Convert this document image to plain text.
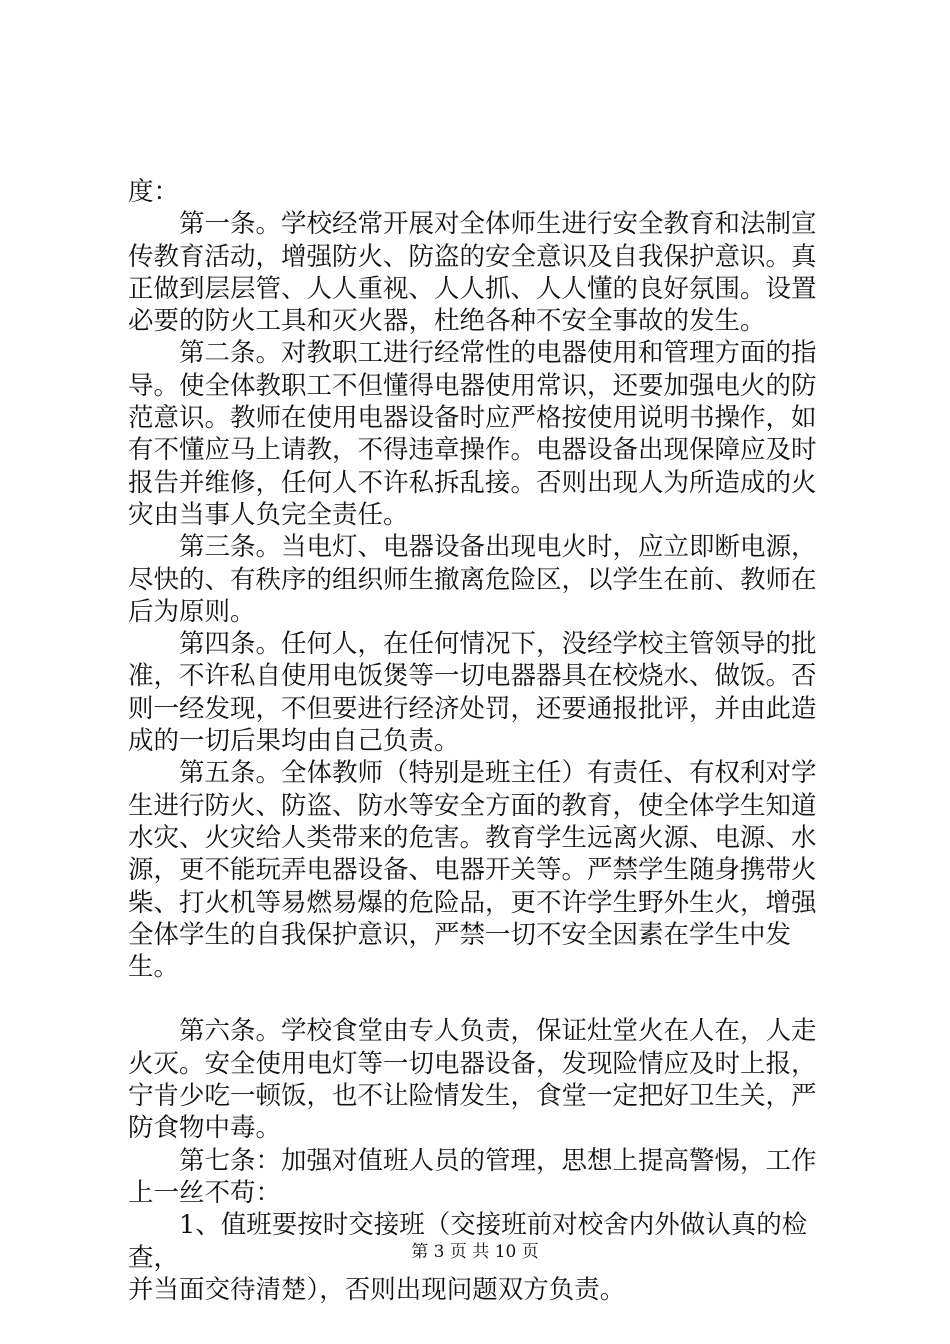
度：

　　第一条。学校经常开展对全体师生进行安全教育和法制宣
传教育活动，增强防火、防盗的安全意识及自我保护意识。真
正做到层层管、人人重视、人人抓、人人懂的良好氛围。设置
必要的防火工具和灭火器，杜绝各种不安全事故的发生。

　　第二条。对教职工进行经常性的电器使用和管理方面的指
导。使全体教职工不但懂得电器使用常识，还要加强电火的防
范意识。教师在使用电器设备时应严格按使用说明书操作，如
有不懂应马上请教，不得违章操作。电器设备出现保障应及时
报告并维修，任何人不许私拆乱接。否则出现人为所造成的火
灾由当事人负完全责任。

　　第三条。当电灯、电器设备出现电火时，应立即断电源，
尽快的、有秩序的组织师生撤离危险区，以学生在前、教师在
后为原则。

　　第四条。任何人，在任何情况下，没经学校主管领导的批
准，不许私自使用电饭煲等一切电器器具在校烧水、做饭。否
则一经发现，不但要进行经济处罚，还要通报批评，并由此造
成的一切后果均由自己负责。

　　第五条。全体教师（特别是班主任）有责任、有权利对学
生进行防火、防盗、防水等安全方面的教育，使全体学生知道
水灾、火灾给人类带来的危害。教育学生远离火源、电源、水
源，更不能玩弄电器设备、电器开关等。严禁学生随身携带火
柴、打火机等易燃易爆的危险品，更不许学生野外生火，增强
全体学生的自我保护意识，严禁一切不安全因素在学生中发生。

　　第六条。学校食堂由专人负责，保证灶堂火在人在，人走
火灭。安全使用电灯等一切电器设备，发现险情应及时上报，
宁肯少吃一顿饭，也不让险情发生，食堂一定把好卫生关，严
防食物中毒。

　　第七条：加强对值班人员的管理，思想上提高警惕，工作
上一丝不苟：

　　1、值班要按时交接班（交接班前对校舍内外做认真的检查，
并当面交待清楚），否则出现问题双方负责。

第 3 页 共 10 页
